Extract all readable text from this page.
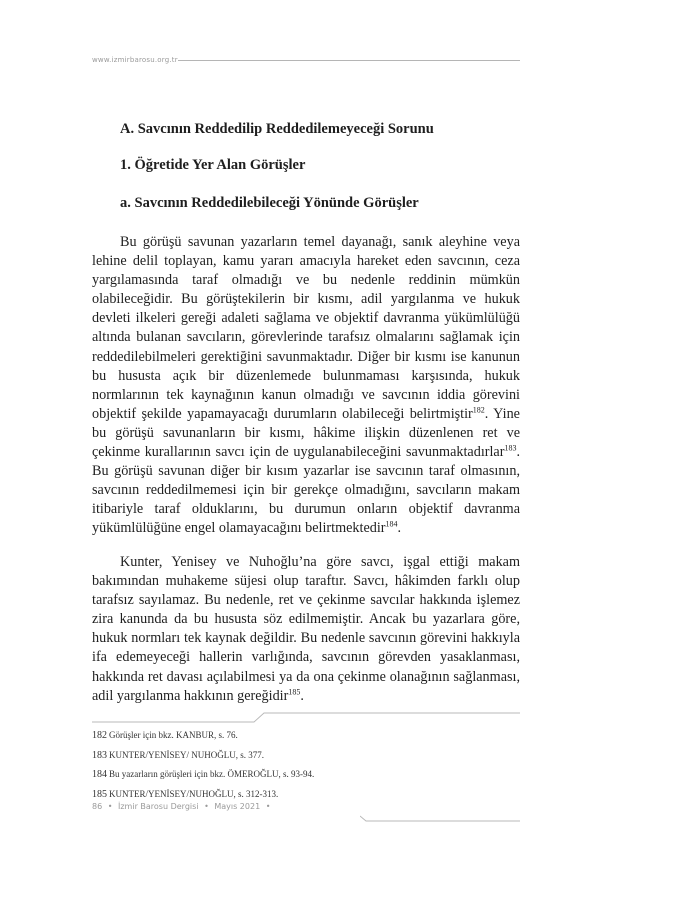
www.izmirbarosu.org.tr
A. Savcının Reddedilip Reddedilemeyeceği Sorunu
1. Öğretide Yer Alan Görüşler
a. Savcının Reddedilebileceği Yönünde Görüşler

Bu görüşü savunan yazarların temel dayanağı, sanık aleyhine veya lehine delil toplayan, kamu yararı amacıyla hareket eden savcının, ceza yargılamasında taraf olmadığı ve bu nedenle reddinin mümkün olabileceğidir. Bu görüştekilerin bir kısmı, adil yargılanma ve hukuk devleti ilkeleri gereği adaleti sağlama ve objektif davranma yükümlülüğü altında bulanan savcıların, görevlerinde tarafsız olmalarını sağlamak için reddedilebilmeleri gerektiğini savunmaktadır. Diğer bir kısmı ise kanunun bu hususta açık bir düzenlemede bulunmaması karşısında, hukuk normlarının tek kaynağının kanun olmadığı ve savcının iddia görevini objektif şekilde yapamayacağı durumların olabileceği belirtmiştir$^{182}$. Yine bu görüşü savunanların bir kısmı, hâkime ilişkin düzenlenen ret ve çekinme kurallarının savcı için de uygulanabileceğini savunmaktadırlar$^{183}$. Bu görüşü savunan diğer bir kısım yazarlar ise savcının taraf olmasının, savcının reddedilmemesi için bir gerekçe olmadığını, savcıların makam itibariyle taraf olduklarını, bu durumun onların objektif davranma yükümlülüğüne engel olamayacağını belirtmektedir$^{184}$.

Kunter, Yenisey ve Nuhoğlu’na göre savcı, işgal ettiği makam bakımından muhakeme süjesi olup taraftır. Savcı, hâkimden farklı olup tarafsız sayılamaz. Bu nedenle, ret ve çekinme savcılar hakkında işlemez zira kanunda da bu hususta söz edilmemiştir. Ancak bu yazarlara göre, hukuk normları tek kaynak değildir. Bu nedenle savcının görevini hakkıyla ifa edemeyeceği hallerin varlığında, savcının görevden yasaklanması, hakkında ret davası açılabilmesi ya da ona çekinme olanağının sağlanması, adil yargılanma hakkının gereğidir$^{185}$.

182 Görüşler için bkz. KANBUR, s. 76.
183 KUNTER/YENİSEY/ NUHOĞLU, s. 377.
184 Bu yazarların görüşleri için bkz. ÖMEROĞLU, s. 93-94.
185 KUNTER/YENİSEY/NUHOĞLU, s. 312-313.
86 • İzmir Barosu Dergisi • Mayıs 2021 •
